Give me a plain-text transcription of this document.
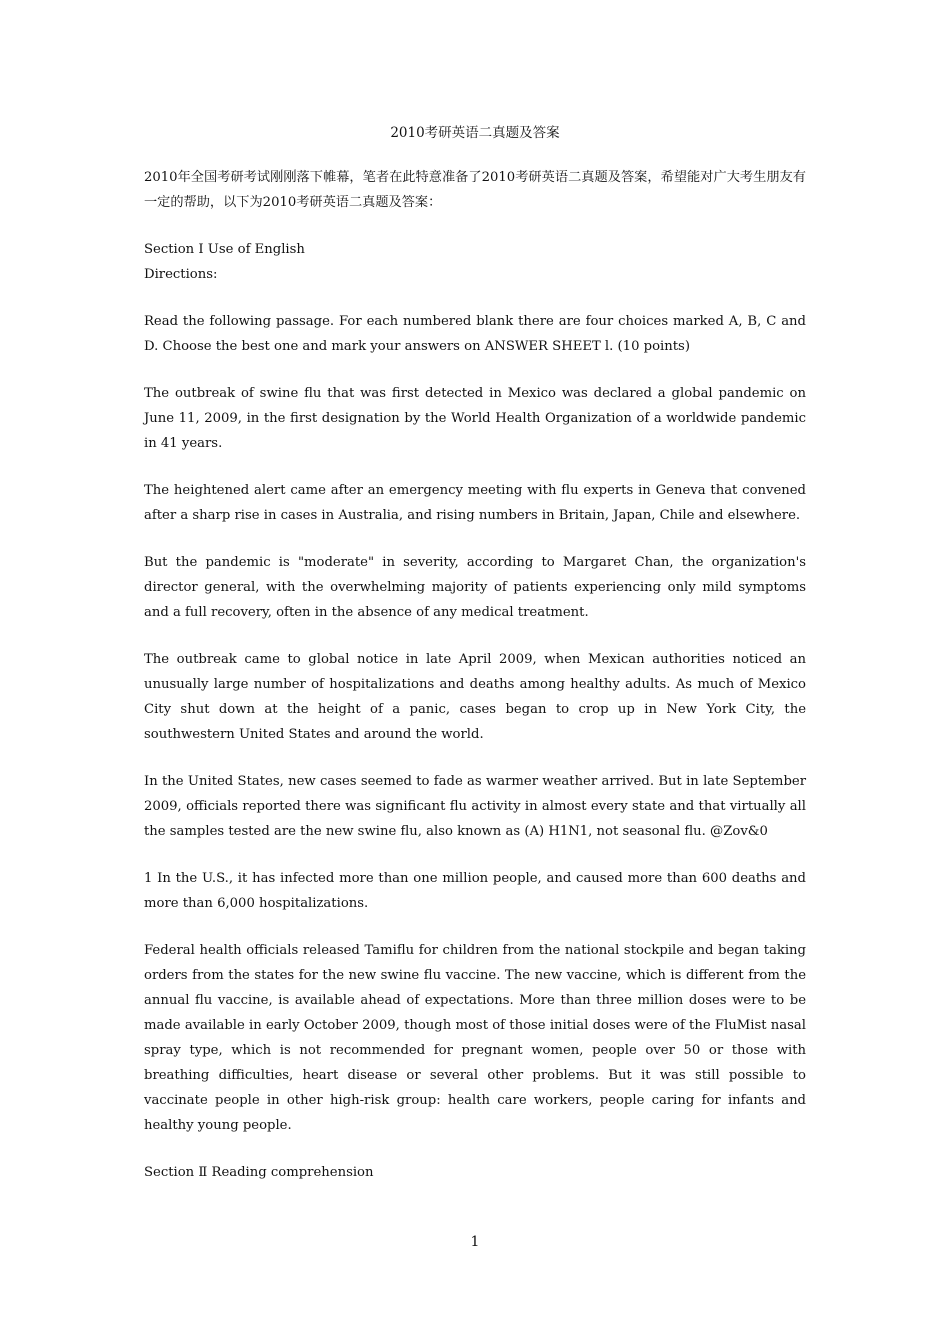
2010考研英语二真题及答案

2010年全国考研考试刚刚落下帷幕，笔者在此特意准备了2010考研英语二真题及答案，希望能对广大考生朋友有一定的帮助，以下为2010考研英语二真题及答案：

Section I Use of English

Directions:

Read the following passage. For each numbered blank there are four choices marked A, B, C and D. Choose the best one and mark your answers on ANSWER SHEET l. (10 points)

The outbreak of swine flu that was first detected in Mexico was declared a global pandemic on June 11, 2009, in the first designation by the World Health Organization of a worldwide pandemic in 41 years.

The heightened alert came after an emergency meeting with flu experts in Geneva that convened after a sharp rise in cases in Australia, and rising numbers in Britain, Japan, Chile and elsewhere.

But the pandemic is "moderate" in severity, according to Margaret Chan, the organization's director general, with the overwhelming majority of patients experiencing only mild symptoms and a full recovery, often in the absence of any medical treatment.

The outbreak came to global notice in late April 2009, when Mexican authorities noticed an unusually large number of hospitalizations and deaths among healthy adults. As much of Mexico City shut down at the height of a panic, cases began to crop up in New York City, the southwestern United States and around the world.

In the United States, new cases seemed to fade as warmer weather arrived. But in late September 2009, officials reported there was significant flu activity in almost every state and that virtually all the samples tested are the new swine flu, also known as (A) H1N1, not seasonal flu. @Zov&0

1 In the U.S., it has infected more than one million people, and caused more than 600 deaths and more than 6,000 hospitalizations.

Federal health officials released Tamiflu for children from the national stockpile and began taking orders from the states for the new swine flu vaccine. The new vaccine, which is different from the annual flu vaccine, is available ahead of expectations. More than three million doses were to be made available in early October 2009, though most of those initial doses were of the FluMist nasal spray type, which is not recommended for pregnant women, people over 50 or those with breathing difficulties, heart disease or several other problems. But it was still possible to vaccinate people in other high-risk group: health care workers, people caring for infants and healthy young people.

Section Ⅱ Reading comprehension

1
